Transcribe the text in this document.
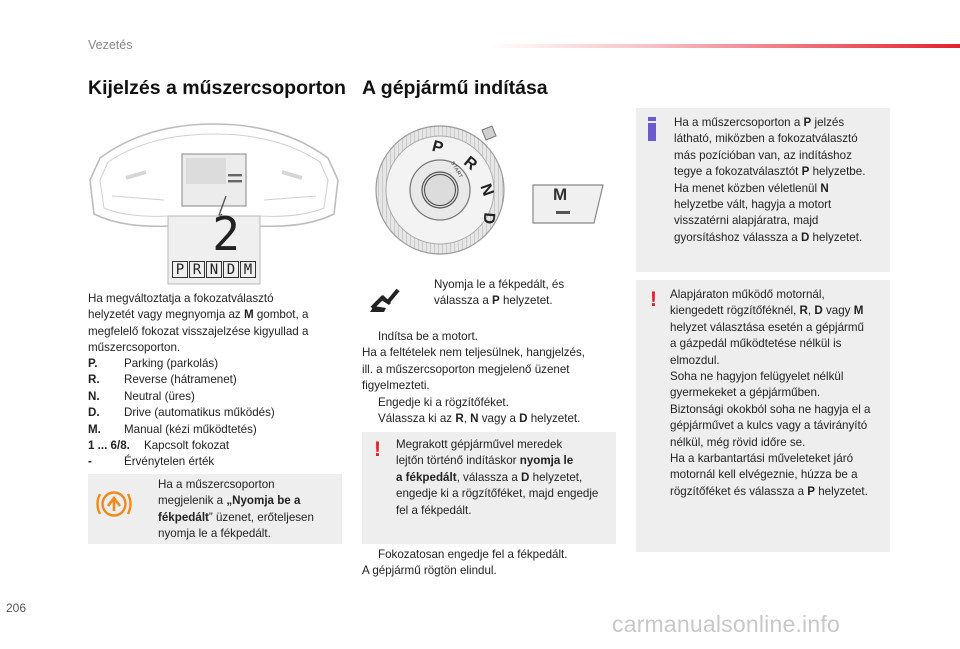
Vezetés
Kijelzés a műszercsoporton
2
P R N D M
Ha megváltoztatja a fokozatválasztó
helyzetét vagy megnyomja az M gombot, a
megfelelő fokozat visszajelzése kigyullad a
műszercsoporton.
P.	Parking (parkolás)
R.	Reverse (hátramenet)
N.	Neutral (üres)
D.	Drive (automatikus működés)
M.	Manual (kézi működtetés)
1 ... 6/8.	Kapcsolt fokozat
-	Érvénytelen érték
Ha a műszercsoporton
megjelenik a „Nyomja be a
fékpedált” üzenet, erőteljesen
nyomja le a fékpedált.
A gépjármű indítása
P
R
N
D
START
M
Nyomja le a fékpedált, és
válassza a P helyzetet.
Indítsa be a motort.
Ha a feltételek nem teljesülnek, hangjelzés,
ill. a műszercsoporton megjelenő üzenet
figyelmezteti.
Engedje ki a rögzítőféket.
Válassza ki az R, N vagy a D helyzetet.
! Megrakott gépjárművel meredek
lejtőn történő indításkor nyomja le
a fékpedált, válassza a D helyzetet,
engedje ki a rögzítőféket, majd engedje
fel a fékpedált.
Fokozatosan engedje fel a fékpedált.
A gépjármű rögtön elindul.
Ha a műszercsoporton a P jelzés
látható, miközben a fokozatválasztó
más pozícióban van, az indításhoz
tegye a fokozatválasztót P helyzetbe.
Ha menet közben véletlenül N
helyzetbe vált, hagyja a motort
visszatérni alapjáratra, majd
gyorsításhoz válassza a D helyzetet.
! Alapjáraton működő motornál,
kiengedett rögzítőféknél, R, D vagy M
helyzet választása esetén a gépjármű
a gázpedál működtetése nélkül is
elmozdul.
Soha ne hagyjon felügyelet nélkül
gyermekeket a gépjárműben.
Biztonsági okokból soha ne hagyja el a
gépjárművet a kulcs vagy a távirányító
nélkül, még rövid időre se.
Ha a karbantartási műveleteket járó
motornál kell elvégeznie, húzza be a
rögzítőféket és válassza a P helyzetet.
206
carmanualsonline.info
